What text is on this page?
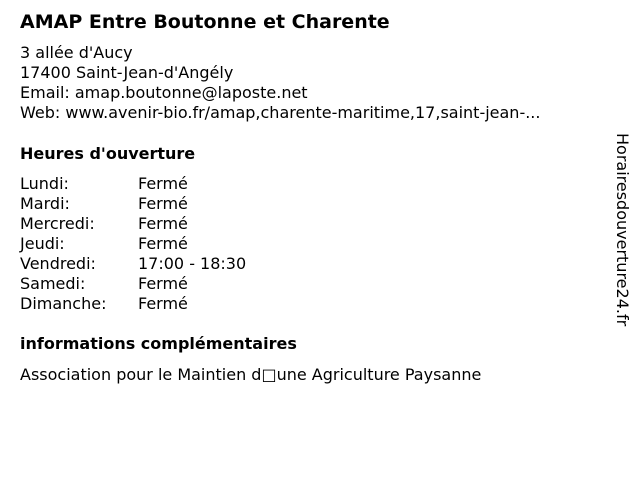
AMAP Entre Boutonne et Charente
3 allée d'Aucy
17400 Saint-Jean-d'Angély
Email: amap.boutonne@laposte.net
Web: www.avenir-bio.fr/amap,charente-maritime,17,saint-jean-...
Heures d'ouverture
Lundi:	Fermé
Mardi:	Fermé
Mercredi:	Fermé
Jeudi:	Fermé
Vendredi:	17:00 - 18:30
Samedi:	Fermé
Dimanche:	Fermé
informations complémentaires
Association pour le Maintien d□une Agriculture Paysanne
Horairesdouverture24.fr
